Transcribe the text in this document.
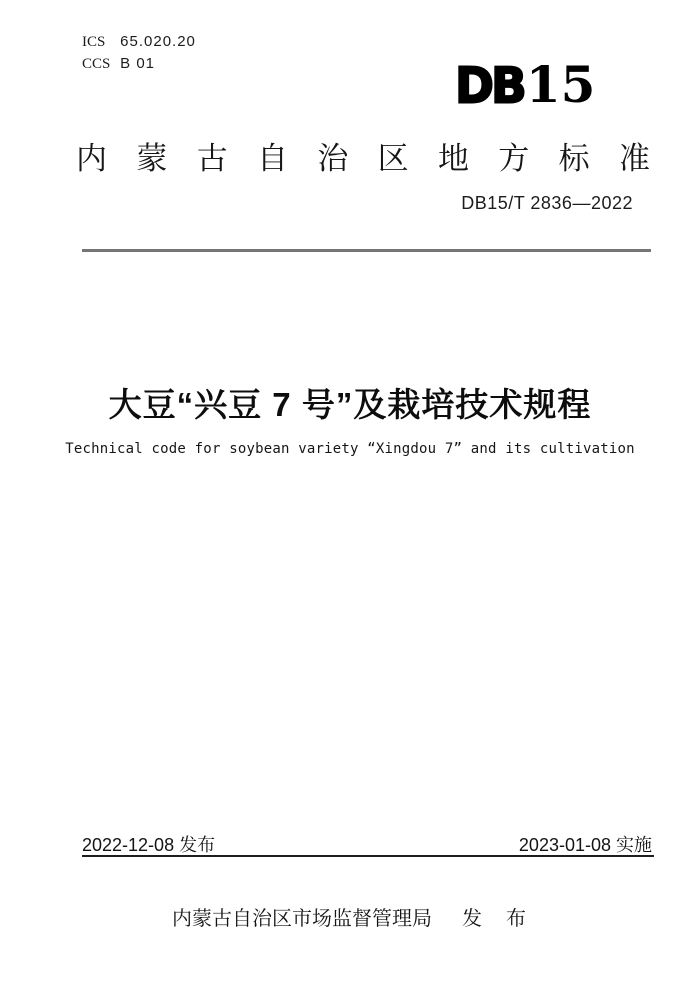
ICS 65.020.20
CCS B 01	DB15
内 蒙 古 自 治 区 地 方 标 准
DB15/T 2836—2022
大豆“兴豆 7 号”及栽培技术规程
Technical code for soybean variety “Xingdou 7” and its cultivation
2022-12-08 发布	2023-01-08 实施
内蒙古自治区市场监督管理局 发　布
